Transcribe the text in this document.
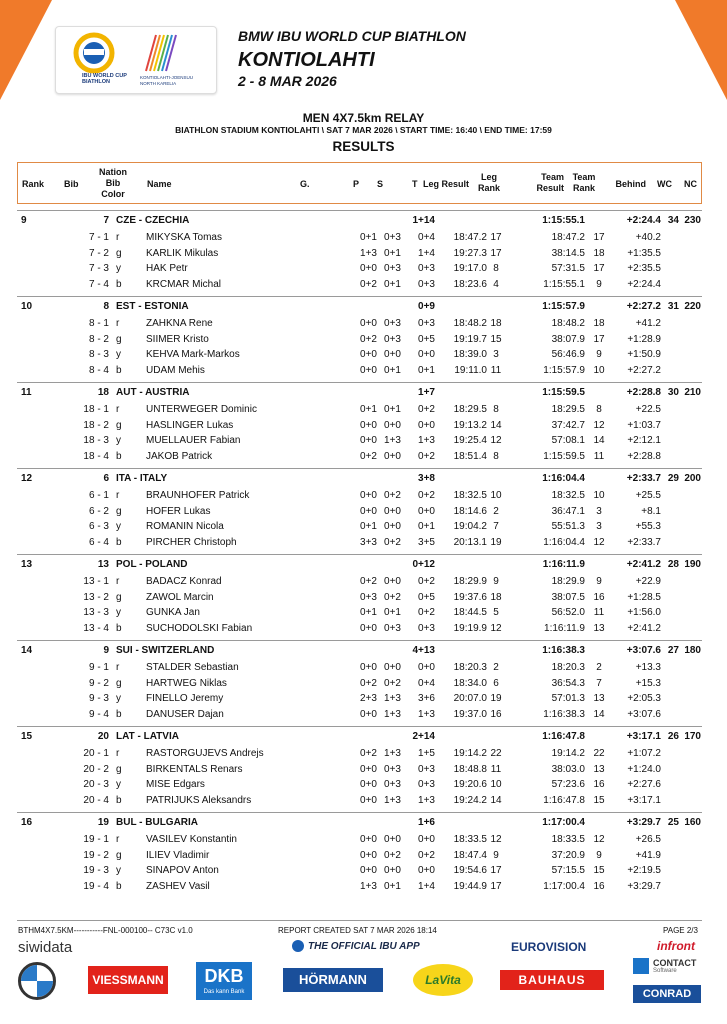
IBU WORLD CUP BIATHLON
KONTIOLAHTI-JOENSUU NORTH KARELIA
BMW IBU WORLD CUP BIATHLON
KONTIOLAHTI
2 - 8 MAR 2026
MEN 4X7.5km RELAY
BIATHLON STADIUM KONTIOLAHTI \ SAT 7 MAR 2026 \ START TIME: 16:40 \ END TIME: 17:59
RESULTS
Rank Bib
Nation
Bib
Color
Name	G.	P S	T Leg Result
Leg
Rank
Team
Result
Team
Rank	Behind WC NC
9	7 CZE - CZECHIA	1+14	1:15:55.1	+2:24.4 34 230
7 - 1 r	MIKYSKA Tomas	0+1 0+3	0+4	18:47.2 17	18:47.2 17	+40.2
7 - 2 g	KARLIK Mikulas	1+3 0+1	1+4	19:27.3 17	38:14.5 18	+1:35.5
7 - 3 y	HAK Petr	0+0 0+3	0+3	19:17.0 8	57:31.5 17	+2:35.5
7 - 4 b	KRCMAR Michal	0+2 0+1	0+3	18:23.6 4	1:15:55.1	9	+2:24.4
10	8 EST - ESTONIA	0+9	1:15:57.9	+2:27.2 31 220
8 - 1 r	ZAHKNA Rene	0+0 0+3	0+3	18:48.2 18	18:48.2 18	+41.2
8 - 2 g	SIIMER Kristo	0+2 0+3	0+5	19:19.7 15	38:07.9 17	+1:28.9
8 - 3 y	KEHVA Mark-Markos	0+0 0+0	0+0	18:39.0 3	56:46.9	9	+1:50.9
8 - 4 b	UDAM Mehis	0+0 0+1	0+1	19:11.0 11	1:15:57.9 10	+2:27.2
11	18 AUT - AUSTRIA	1+7	1:15:59.5	+2:28.8 30 210
18 - 1 r	UNTERWEGER Dominic	0+1 0+1	0+2	18:29.5 8	18:29.5	8	+22.5
18 - 2 g	HASLINGER Lukas	0+0 0+0	0+0	19:13.2 14	37:42.7 12	+1:03.7
18 - 3 y	MUELLAUER Fabian	0+0 1+3	1+3	19:25.4 12	57:08.1 14	+2:12.1
18 - 4 b	JAKOB Patrick	0+2 0+0	0+2	18:51.4 8	1:15:59.5 11	+2:28.8
12	6 ITA - ITALY	3+8	1:16:04.4	+2:33.7 29 200
6 - 1 r	BRAUNHOFER Patrick	0+0 0+2	0+2	18:32.5 10	18:32.5 10	+25.5
6 - 2 g	HOFER Lukas	0+0 0+0	0+0	18:14.6 2	36:47.1	3	+8.1
6 - 3 y	ROMANIN Nicola	0+1 0+0	0+1	19:04.2 7	55:51.3	3	+55.3
6 - 4 b	PIRCHER Christoph	3+3 0+2	3+5	20:13.1 19	1:16:04.4 12	+2:33.7
13	13 POL - POLAND	0+12	1:16:11.9	+2:41.2 28 190
13 - 1 r	BADACZ Konrad	0+2 0+0	0+2	18:29.9 9	18:29.9	9	+22.9
13 - 2 g	ZAWOL Marcin	0+3 0+2	0+5	19:37.6 18	38:07.5 16	+1:28.5
13 - 3 y	GUNKA Jan	0+1 0+1	0+2	18:44.5 5	56:52.0 11	+1:56.0
13 - 4 b	SUCHODOLSKI Fabian	0+0 0+3	0+3	19:19.9 12	1:16:11.9 13	+2:41.2
14	9 SUI - SWITZERLAND	4+13	1:16:38.3	+3:07.6 27 180
9 - 1 r	STALDER Sebastian	0+0 0+0	0+0	18:20.3 2	18:20.3	2	+13.3
9 - 2 g	HARTWEG Niklas	0+2 0+2	0+4	18:34.0 6	36:54.3	7	+15.3
9 - 3 y	FINELLO Jeremy	2+3 1+3	3+6	20:07.0 19	57:01.3 13	+2:05.3
9 - 4 b	DANUSER Dajan	0+0 1+3	1+3	19:37.0 16	1:16:38.3 14	+3:07.6
15	20 LAT - LATVIA	2+14	1:16:47.8	+3:17.1 26 170
20 - 1 r	RASTORGUJEVS Andrejs	0+2 1+3	1+5	19:14.2 22	19:14.2 22	+1:07.2
20 - 2 g	BIRKENTALS Renars	0+0 0+3	0+3	18:48.8 11	38:03.0 13	+1:24.0
20 - 3 y	MISE Edgars	0+0 0+3	0+3	19:20.6 10	57:23.6 16	+2:27.6
20 - 4 b	PATRIJUKS Aleksandrs	0+0 1+3	1+3	19:24.2 14	1:16:47.8 15	+3:17.1
16	19 BUL - BULGARIA	1+6	1:17:00.4	+3:29.7 25 160
19 - 1 r	VASILEV Konstantin	0+0 0+0	0+0	18:33.5 12	18:33.5 12	+26.5
19 - 2 g	ILIEV Vladimir	0+0 0+2	0+2	18:47.4 9	37:20.9	9	+41.9
19 - 3 y	SINAPOV Anton	0+0 0+0	0+0	19:54.6 17	57:15.5 15	+2:19.5
19 - 4 b	ZASHEV Vasil	1+3 0+1	1+4	19:44.9 17	1:17:00.4 16	+3:29.7
BTHM4X7.5KM-----------FNL-000100-- C73C v1.0	REPORT CREATED SAT 7 MAR 2026 18:14	PAGE 2/3
siwidata	THE OFFICIAL IBU APP	EUROVISION	infront
VIESSMANN	DKB
Das kann Bank
HÖRMANN	LaVita	BAUHAUS
CONTACT
Software
CONRAD
